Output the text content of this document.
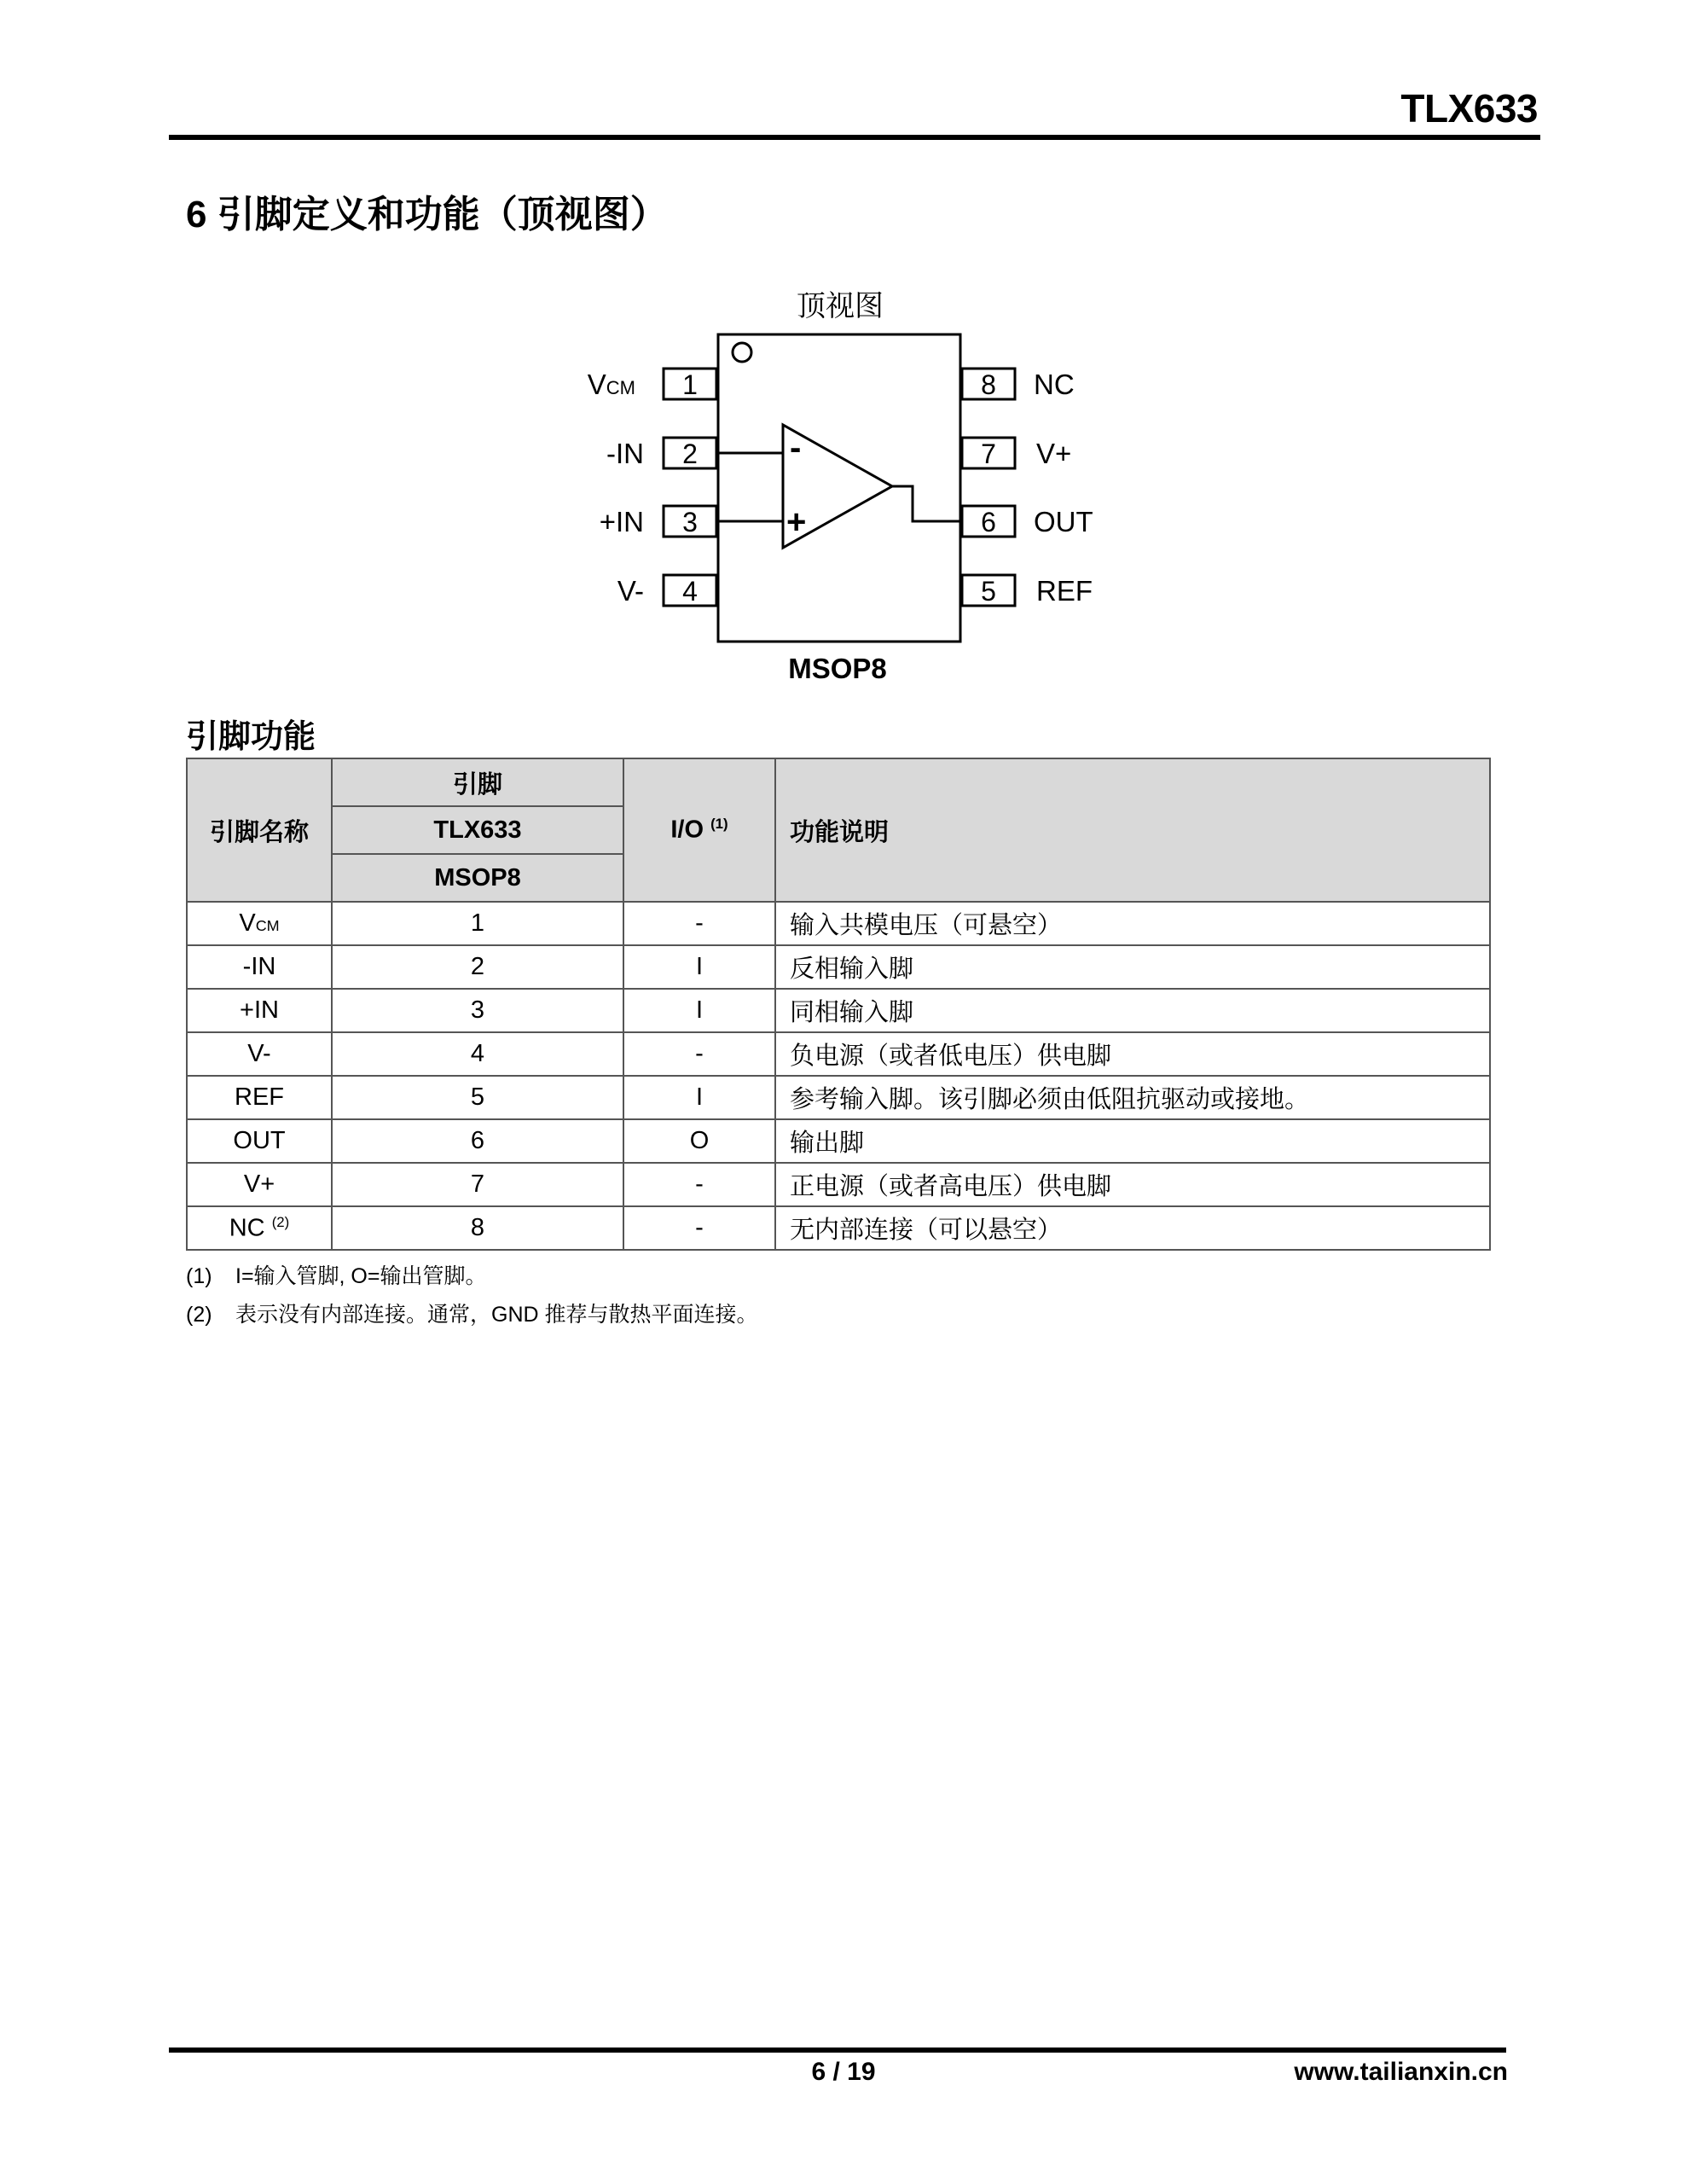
TLX633
6 引脚定义和功能（顶视图）
顶视图
1
2
3
4
VCM
-IN
+IN
V-
8
7
6
5
NC
V+
OUT
REF
-
+
MSOP8
引脚功能
引脚名称	引脚	I/O $^{(1)}$	功能说明
	TLX633		
	MSOP8		
VCM	1	-	输入共模电压（可悬空）
-IN	2	I	反相输入脚
+IN	3	I	同相输入脚
V-	4	-	负电源（或者低电压）供电脚
REF	5	I	参考输入脚。该引脚必须由低阻抗驱动或接地。
OUT	6	O	输出脚
V+	7	-	正电源（或者高电压）供电脚
NC $^{(2)}$	8	-	无内部连接（可以悬空）
(1) I=输入管脚, O=输出管脚。
(2) 表示没有内部连接。通常，GND 推荐与散热平面连接。
6 / 19	www.tailianxin.cn
